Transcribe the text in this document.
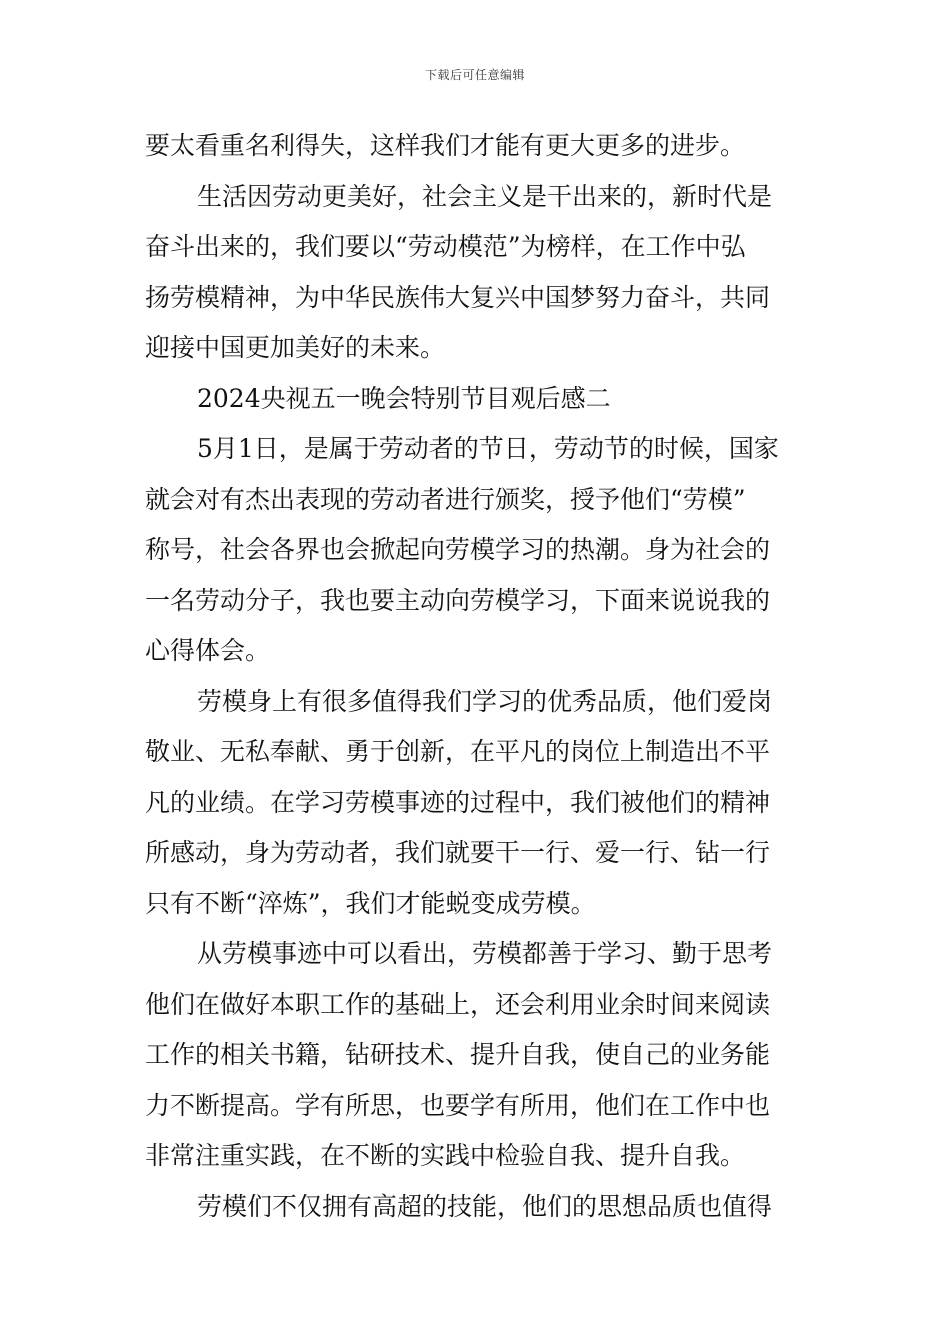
下载后可任意编辑
要太看重名利得失，这样我们才能有更大更多的进步。
生活因劳动更美好，社会主义是干出来的，新时代是
奋斗出来的，我们要以“劳动模范”为榜样，在工作中弘
扬劳模精神，为中华民族伟大复兴中国梦努力奋斗，共同
迎接中国更加美好的未来。
2024央视五一晚会特别节目观后感二
5月1日，是属于劳动者的节日，劳动节的时候，国家
就会对有杰出表现的劳动者进行颁奖，授予他们“劳模”
称号，社会各界也会掀起向劳模学习的热潮。身为社会的
一名劳动分子，我也要主动向劳模学习，下面来说说我的
心得体会。
劳模身上有很多值得我们学习的优秀品质，他们爱岗
敬业、无私奉献、勇于创新，在平凡的岗位上制造出不平
凡的业绩。在学习劳模事迹的过程中，我们被他们的精神
所感动，身为劳动者，我们就要干一行、爱一行、钻一行
只有不断“淬炼”，我们才能蜕变成劳模。
从劳模事迹中可以看出，劳模都善于学习、勤于思考
他们在做好本职工作的基础上，还会利用业余时间来阅读
工作的相关书籍，钻研技术、提升自我，使自己的业务能
力不断提高。学有所思，也要学有所用，他们在工作中也
非常注重实践，在不断的实践中检验自我、提升自我。
劳模们不仅拥有高超的技能，他们的思想品质也值得
